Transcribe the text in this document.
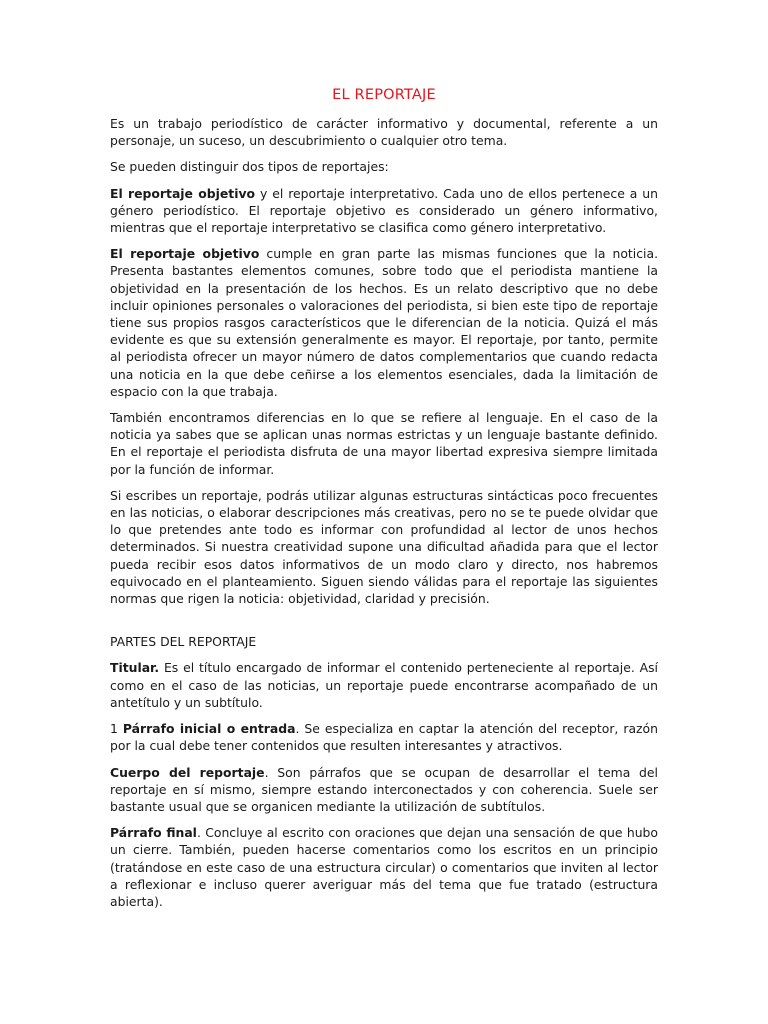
EL REPORTAJE

Es un trabajo periodístico de carácter informativo y documental, referente a un personaje, un suceso, un descubrimiento o cualquier otro tema.

Se pueden distinguir dos tipos de reportajes:

El reportaje objetivo y el reportaje interpretativo. Cada uno de ellos pertenece a un género periodístico. El reportaje objetivo es considerado un género informativo, mientras que el reportaje interpretativo se clasifica como género interpretativo.

El reportaje objetivo cumple en gran parte las mismas funciones que la noticia. Presenta bastantes elementos comunes, sobre todo que el periodista mantiene la objetividad en la presentación de los hechos. Es un relato descriptivo que no debe incluir opiniones personales o valoraciones del periodista, si bien este tipo de reportaje tiene sus propios rasgos característicos que le diferencian de la noticia. Quizá el más evidente es que su extensión generalmente es mayor. El reportaje, por tanto, permite al periodista ofrecer un mayor número de datos complementarios que cuando redacta una noticia en la que debe ceñirse a los elementos esenciales, dada la limitación de espacio con la que trabaja.

También encontramos diferencias en lo que se refiere al lenguaje. En el caso de la noticia ya sabes que se aplican unas normas estrictas y un lenguaje bastante definido. En el reportaje el periodista disfruta de una mayor libertad expresiva siempre limitada por la función de informar.

Si escribes un reportaje, podrás utilizar algunas estructuras sintácticas poco frecuentes en las noticias, o elaborar descripciones más creativas, pero no se te puede olvidar que lo que pretendes ante todo es informar con profundidad al lector de unos hechos determinados. Si nuestra creatividad supone una dificultad añadida para que el lector pueda recibir esos datos informativos de un modo claro y directo, nos habremos equivocado en el planteamiento. Siguen siendo válidas para el reportaje las siguientes normas que rigen la noticia: objetividad, claridad y precisión.

PARTES DEL REPORTAJE

Titular. Es el título encargado de informar el contenido perteneciente al reportaje. Así como en el caso de las noticias, un reportaje puede encontrarse acompañado de un antetítulo y un subtítulo.

1 Párrafo inicial o entrada. Se especializa en captar la atención del receptor, razón por la cual debe tener contenidos que resulten interesantes y atractivos.

Cuerpo del reportaje. Son párrafos que se ocupan de desarrollar el tema del reportaje en sí mismo, siempre estando interconectados y con coherencia. Suele ser bastante usual que se organicen mediante la utilización de subtítulos.

Párrafo final. Concluye al escrito con oraciones que dejan una sensación de que hubo un cierre. También, pueden hacerse comentarios como los escritos en un principio (tratándose en este caso de una estructura circular) o comentarios que inviten al lector a reflexionar e incluso querer averiguar más del tema que fue tratado (estructura abierta).
